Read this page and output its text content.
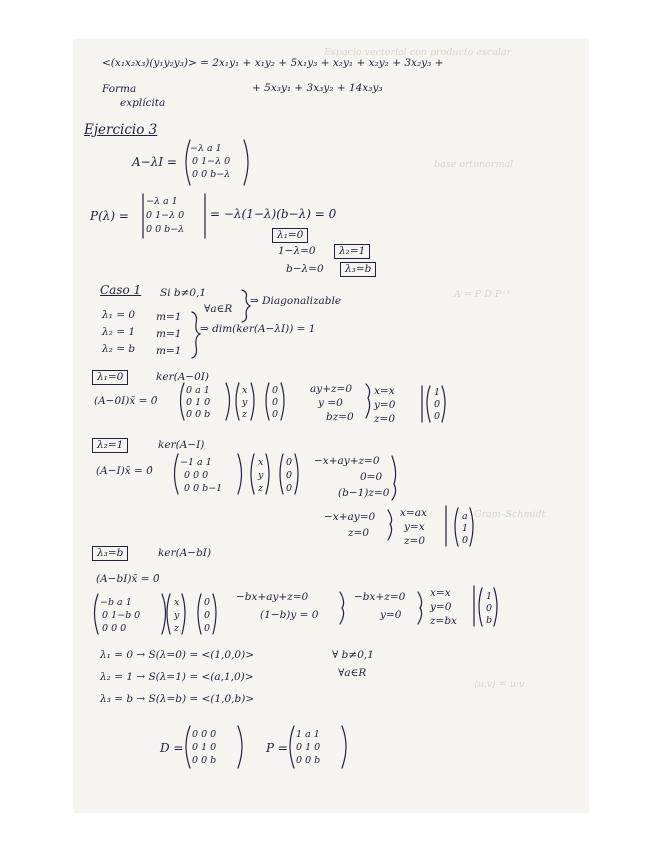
Espacio vectorial con producto escalar
base ortonormal
A = P D P⁻¹
Gram–Schmidt
⟨u,v⟩ = u·v
<(x₁x₂x₃)(y₁y₂y₃)> = 2x₁y₁ + x₁y₂ + 5x₁y₃ + x₂y₁ + x₂y₂ + 3x₂y₃ +
+ 5x₃y₁ + 3x₃y₂ + 14x₃y₃
Forma
explícita
Ejercicio 3
A−λI =
−λ a 1
0 1−λ 0
0 0 b−λ
P(λ) =
−λ a 1
0 1−λ 0
0 0 b−λ
= −λ(1−λ)(b−λ) = 0
λ₁=0
1−λ=0	λ₂=1
b−λ=0	λ₃=b
Caso 1 Si b≠0,1
∀a∈R
⇒ Diagonalizable
λ₁ = 0 m=1
λ₂ = 1 m=1
λ₂ = b m=1
⇒ dim(ker(A−λI)) = 1
λ₁=0	ker(A−0I)
(A−0I)x̄ = 0̄
0 a 1
0 1 0
0 0 b
x
y
z
0
0
0
ay+z=0
y =0
bz=0
x=x
y=0
z=0
1
0
0
λ₂=1	ker(A−I)
(A−I)x̄ = 0̄
−1 a 1
0 0 0
0 0 b−1
x
y
z
0
0
0
−x+ay+z=0
0=0
(b−1)z=0
−x+ay=0
z=0
x=ax
y=x
z=0
a
1
0
λ₃=b	ker(A−bI)
(A−bI)x̄ = 0̄
−b a 1
0 1−b 0
0 0 0
x
y
z
0
0
0
−bx+ay+z=0
(1−b)y = 0
−bx+z=0
y=0
x=x
y=0
z=bx
1
0
b
λ₁ = 0 → S(λ=0) = <(1,0,0)>
λ₂ = 1 → S(λ=1) = <(a,1,0)>
λ₃ = b → S(λ=b) = <(1,0,b)>
∀ b≠0,1
∀a∈R
D =
0 0 0
0 1 0
0 0 b
P =
1 a 1
0 1 0
0 0 b
